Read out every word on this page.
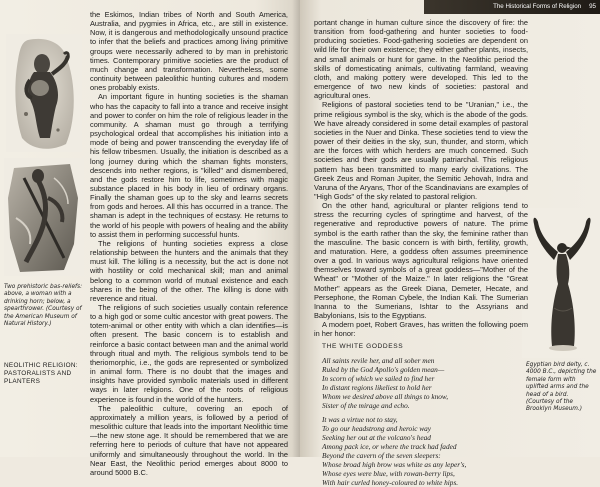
Two prehistoric bas-reliefs: above, a woman with a drinking horn; below, a spearthrower. (Courtesy of the American Museum of Natural History.)
NEOLITHIC RELIGION: PASTORALISTS AND PLANTERS

the Eskimos, Indian tribes of North and South America, Australia, and pygmies in Africa, etc., are still in existence. Now, it is dangerous and methodologically unsound practice to infer that the beliefs and practices among living primitive groups were necessarily adhered to by man in prehistoric times. Contemporary primitive societies are the product of much change and transformation. Nevertheless, some continuity between paleolithic hunting cultures and modern ones probably exists.

An important figure in hunting societies is the shaman who has the capacity to fall into a trance and receive insight and power to confer on him the role of religious leader in the community. A shaman must go through a terrifying psychological ordeal that accomplishes his initiation into a mode of being and power transcending the everyday life of his fellow tribesmen. Usually, the initiation is described as a long journey during which the shaman fights monsters, descends into nether regions, is "killed" and dismembered, and the gods restore him to life, sometimes with magic substance placed in his body in lieu of ordinary organs. Finally the shaman goes up to the sky and learns secrets from gods and heroes. All this has occurred in a trance. The shaman is adept in the techniques of ecstasy. He returns to the world of his people with powers of healing and the ability to assist them in performing successful hunts.

The religions of hunting societies express a close relationship between the hunters and the animals that they must kill. The killing is a necessity, but the act is done not with hostility or cold mechanical skill; man and animal belong to a common world of mutual existence and each shares in the being of the other. The killing is done with reverence and ritual.

The religions of such societies usually contain reference to a high god or some cultic ancestor with great powers. The totem-animal or other entity with which a clan identifies—is often present. The basic concern is to establish and reinforce a basic contact between man and the animal world through ritual and myth. The religious symbols tend to be theriomorphic, i.e., the gods are represented or symbolized in animal form. There is no doubt that the images and insights have provided symbolic materials used in different ways in later religions. One of the roots of religious experience is found in the world of the hunters.

The paleolithic culture, covering an epoch of approximately a million years, is followed by a period of mesolithic culture that leads into the important Neolithic time—the new stone age. It should be remembered that we are referring here to periods of culture that have not appeared uniformly and simultaneously throughout the world. In the Near East, the Neolithic period emerges about 8000 to around 5000 B.C.

Egyptian bird deity, c. 4000 B.C., depicting the female form with uplifted arms and the head of a bird. (Courtesy of the Brooklyn Museum.)

portant change in human culture since the discovery of fire: the transition from food-gathering and hunter societies to food-producing societies. Food-gathering societies are dependent on wild life for their own existence; they either gather plants, insects, and small animals or hunt for game. In the Neolithic period the skills of domesticating animals, cultivating farmland, weaving cloth, and making pottery were developed. This led to the emergence of two new kinds of societies: pastoral and agricultural ones.

Religions of pastoral societies tend to be "Uranian," i.e., the prime religious symbol is the sky, which is the abode of the gods. We have already considered in some detail examples of pastoral societies in the Nuer and Dinka. These societies tend to view the power of their deities in the sky, sun, thunder, and storm, which are the forces with which herders are much concerned. Such societies and their gods are usually patriarchal. This religious pattern has been transmitted to many early civilizations. The Greek Zeus and Roman Jupiter, the Semitic Jehovah, Indra and Varuna of the Aryans, Thor of the Scandinavians are examples of "High Gods" of the sky related to pastoral religion.

On the other hand, agricultural or planter religions tend to stress the recurring cycles of springtime and harvest, of the regenerative and reproductive powers of nature. The prime symbol is the earth rather than the sky, the feminine rather than the masculine. The basic concern is with birth, fertility, growth, and maturation. Here, a goddess often assumes preeminence over a god. In various ways agricultural religions have oriented themselves toward symbols of a great goddess—"Mother of the Wheat" or "Mother of the Maize." In later religions the "Great Mother" appears as the Greek Diana, Demeter, Hecate, and Persephone, the Roman Cybele, the Indian Kali. The Sumerian Inanna to the Sumerians, Ishtar to the Assyrians and Babylonians, Isis to the Egyptians.

A modern poet, Robert Graves, has written the following poem in her honor:

THE WHITE GODDESS
All saints revile her, and all sober men
Ruled by the God Apollo's golden mean—
In scorn of which we sailed to find her
In distant regions likeliest to hold her
Whom we desired above all things to know,
Sister of the mirage and echo.
It was a virtue not to stay,
To go our headstrong and heroic way
Seeking her out at the volcano's head
Among pack ice, or where the track had faded
Beyond the cavern of the seven sleepers:
Whose broad high brow was white as any leper's,
Whose eyes were blue, with rowan-berry lips,
With hair curled honey-coloured to white hips.
The Historical Forms of Religion 95
